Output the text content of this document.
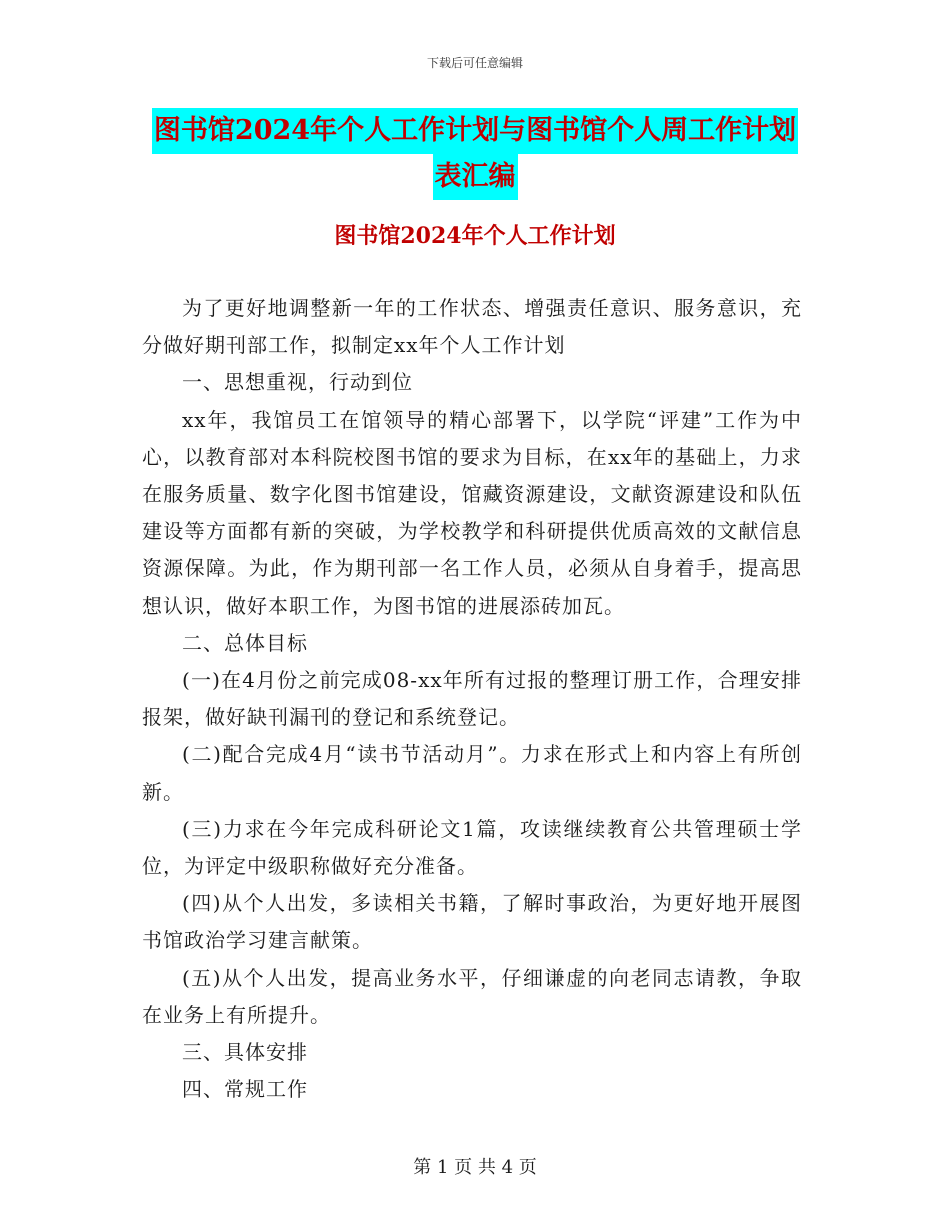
下载后可任意编辑
图书馆2024年个人工作计划与图书馆个人周工作计划
表汇编
图书馆2024年个人工作计划

为了更好地调整新一年的工作状态、增强责任意识、服务意识，充分做好期刊部工作，拟制定xx年个人工作计划

一、思想重视，行动到位

xx年，我馆员工在馆领导的精心部署下，以学院“评建”工作为中心，以教育部对本科院校图书馆的要求为目标，在xx年的基础上，力求在服务质量、数字化图书馆建设，馆藏资源建设，文献资源建设和队伍建设等方面都有新的突破，为学校教学和科研提供优质高效的文献信息资源保障。为此，作为期刊部一名工作人员，必须从自身着手，提高思想认识，做好本职工作，为图书馆的进展添砖加瓦。

二、总体目标

(一)在4月份之前完成08-xx年所有过报的整理订册工作，合理安排报架，做好缺刊漏刊的登记和系统登记。

(二)配合完成4月“读书节活动月”。力求在形式上和内容上有所创新。

(三)力求在今年完成科研论文1篇，攻读继续教育公共管理硕士学位，为评定中级职称做好充分准备。

(四)从个人出发，多读相关书籍，了解时事政治，为更好地开展图书馆政治学习建言献策。

(五)从个人出发，提高业务水平，仔细谦虚的向老同志请教，争取在业务上有所提升。

三、具体安排

四、常规工作

第 1 页 共 4 页
